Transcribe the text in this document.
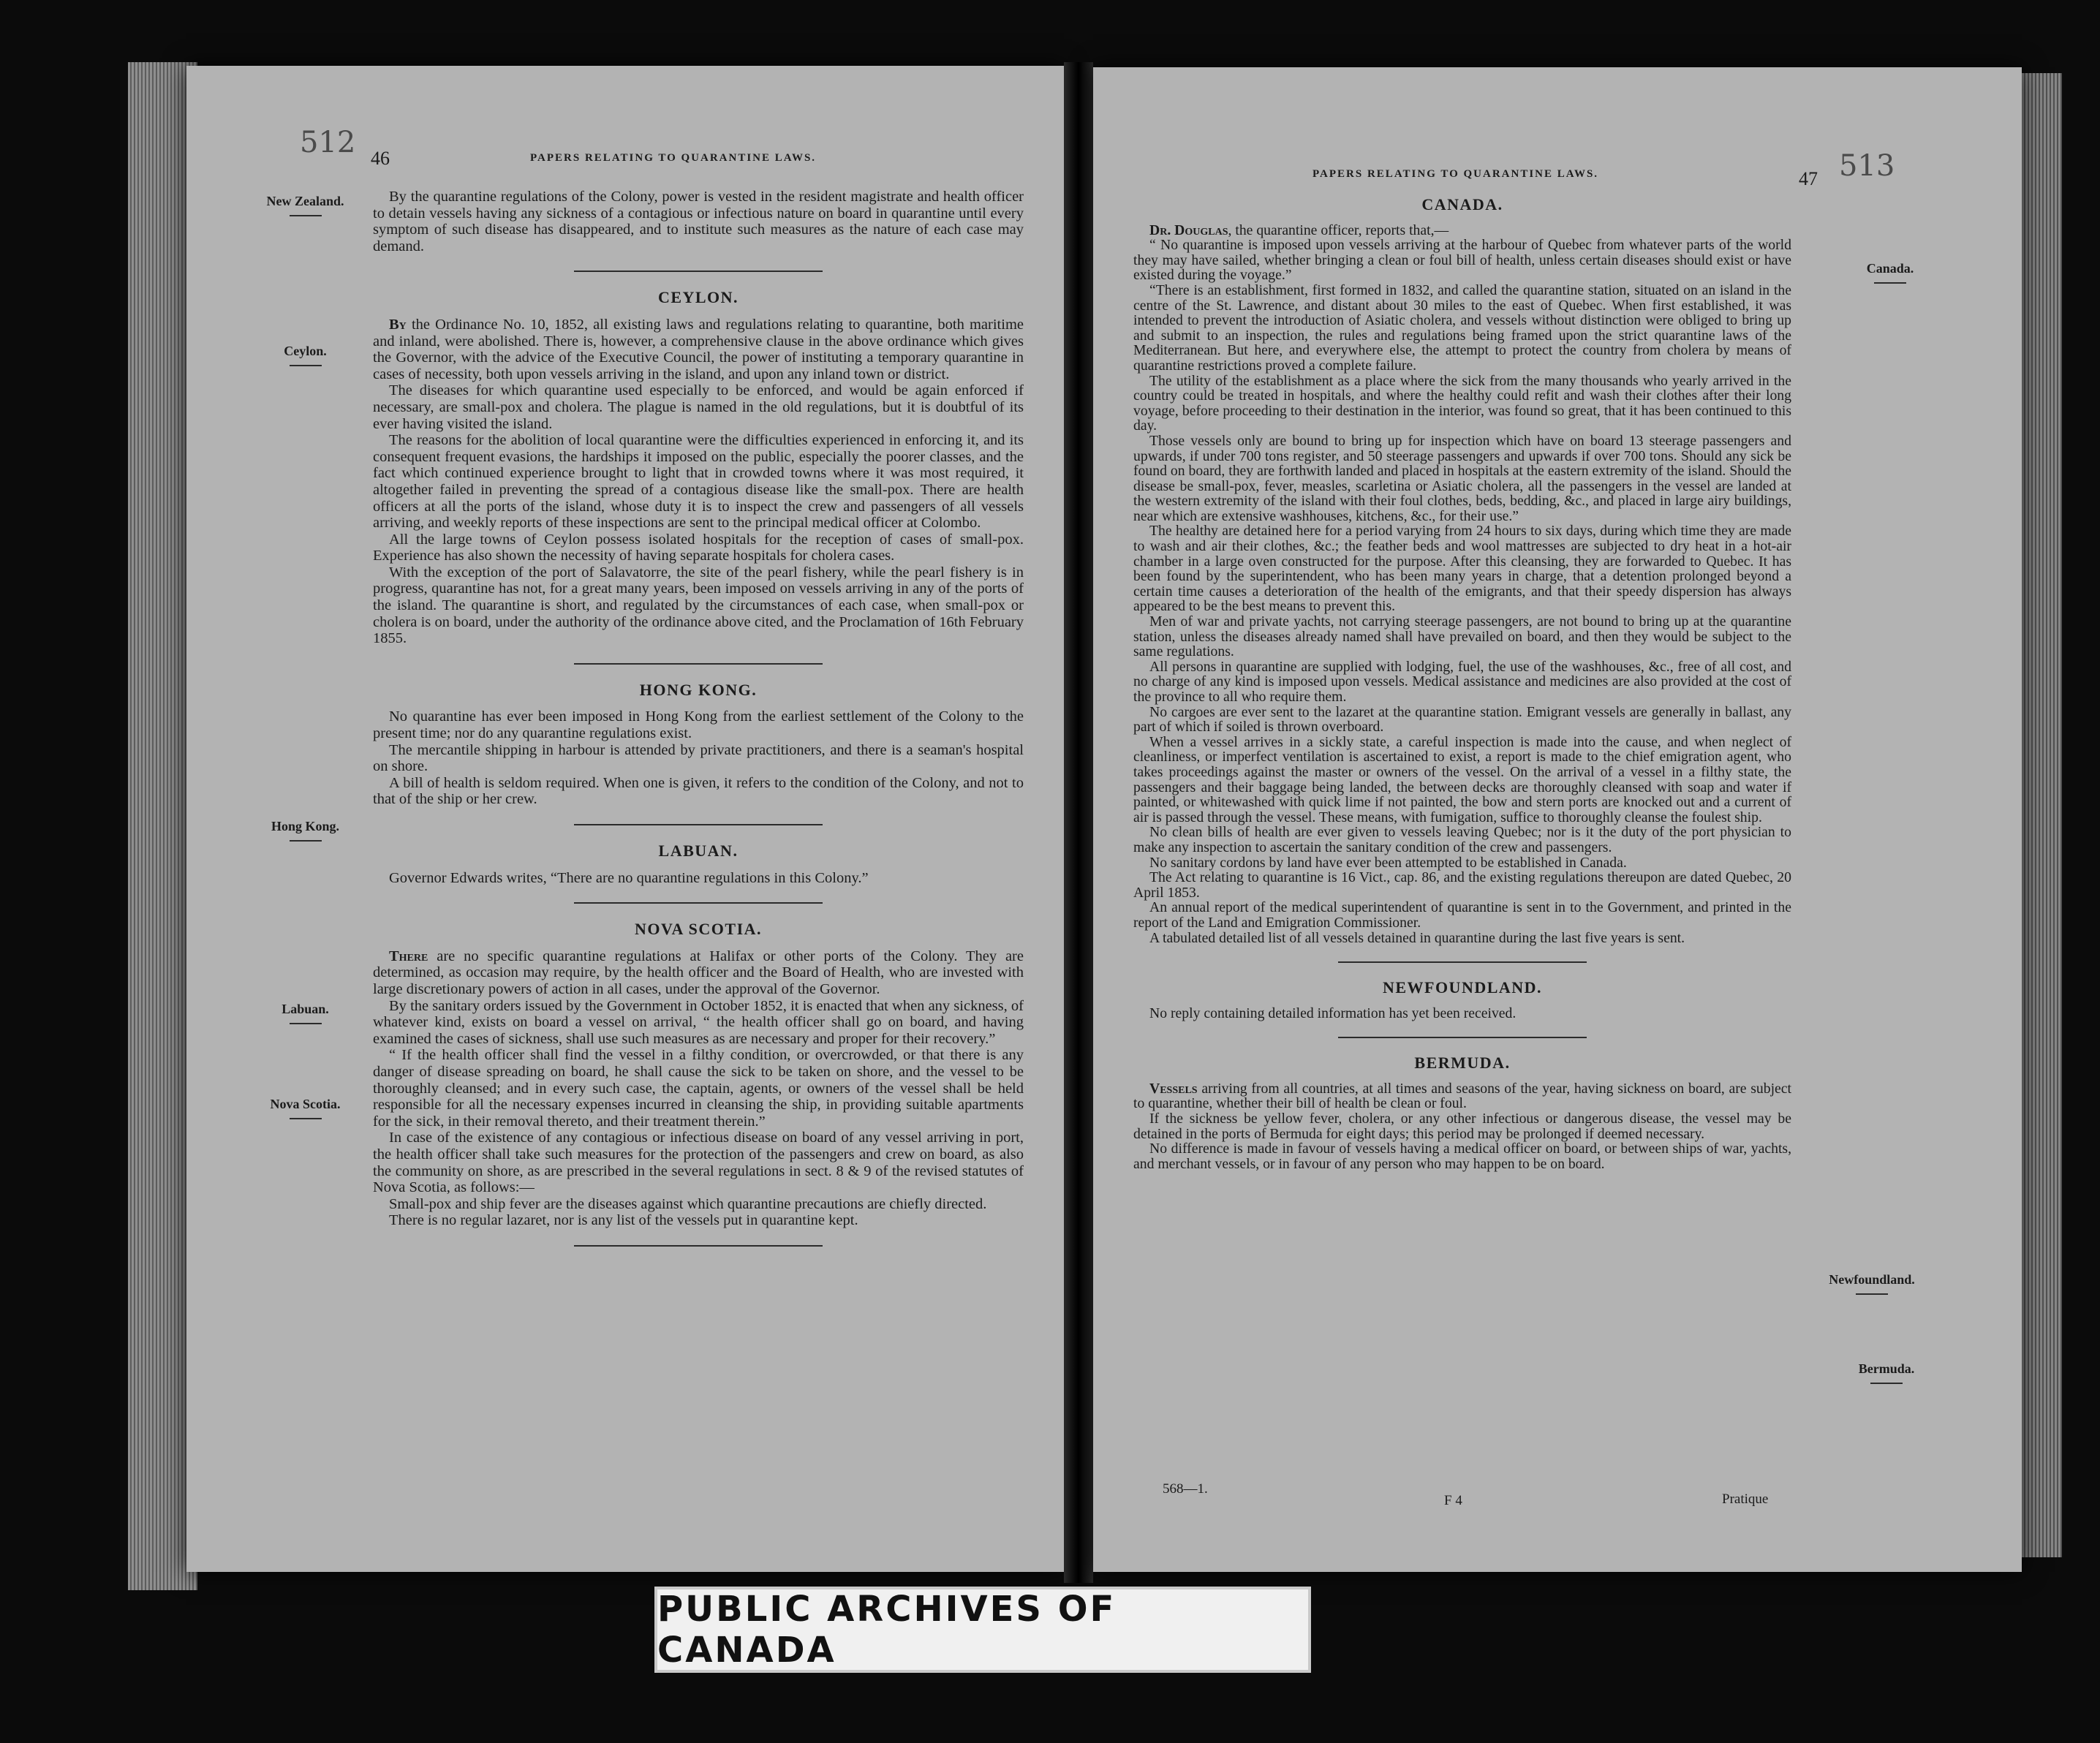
512 46	PAPERS RELATING TO QUARANTINE LAWS.
New Zealand.
Ceylon.
Hong Kong.
Labuan.
Nova Scotia.

By the quarantine regulations of the Colony, power is vested in the resident magistrate and health officer to detain vessels having any sickness of a contagious or infectious nature on board in quarantine until every symptom of such disease has disappeared, and to institute such measures as the nature of each case may demand.

CEYLON.

By the Ordinance No. 10, 1852, all existing laws and regulations relating to quarantine, both maritime and inland, were abolished. There is, however, a comprehensive clause in the above ordinance which gives the Governor, with the advice of the Executive Council, the power of instituting a temporary quarantine in cases of necessity, both upon vessels arriving in the island, and upon any inland town or district.

The diseases for which quarantine used especially to be enforced, and would be again enforced if necessary, are small-pox and cholera. The plague is named in the old regulations, but it is doubtful of its ever having visited the island.

The reasons for the abolition of local quarantine were the difficulties experienced in enforcing it, and its consequent frequent evasions, the hardships it imposed on the public, especially the poorer classes, and the fact which continued experience brought to light that in crowded towns where it was most required, it altogether failed in preventing the spread of a contagious disease like the small-pox. There are health officers at all the ports of the island, whose duty it is to inspect the crew and passengers of all vessels arriving, and weekly reports of these inspections are sent to the principal medical officer at Colombo.

All the large towns of Ceylon possess isolated hospitals for the reception of cases of small-pox. Experience has also shown the necessity of having separate hospitals for cholera cases.

With the exception of the port of Salavatorre, the site of the pearl fishery, while the pearl fishery is in progress, quarantine has not, for a great many years, been imposed on vessels arriving in any of the ports of the island. The quarantine is short, and regulated by the circumstances of each case, when small-pox or cholera is on board, under the authority of the ordinance above cited, and the Proclamation of 16th February 1855.

HONG KONG.

No quarantine has ever been imposed in Hong Kong from the earliest settlement of the Colony to the present time; nor do any quarantine regulations exist.

The mercantile shipping in harbour is attended by private practitioners, and there is a seaman's hospital on shore.

A bill of health is seldom required. When one is given, it refers to the condition of the Colony, and not to that of the ship or her crew.

LABUAN.

Governor Edwards writes, “There are no quarantine regulations in this Colony.”

NOVA SCOTIA.

There are no specific quarantine regulations at Halifax or other ports of the Colony. They are determined, as occasion may require, by the health officer and the Board of Health, who are invested with large discretionary powers of action in all cases, under the approval of the Governor.

By the sanitary orders issued by the Government in October 1852, it is enacted that when any sickness, of whatever kind, exists on board a vessel on arrival, “ the health officer shall go on board, and having examined the cases of sickness, shall use such measures as are necessary and proper for their recovery.”

“ If the health officer shall find the vessel in a filthy condition, or overcrowded, or that there is any danger of disease spreading on board, he shall cause the sick to be taken on shore, and the vessel to be thoroughly cleansed; and in every such case, the captain, agents, or owners of the vessel shall be held responsible for all the necessary expenses incurred in cleansing the ship, in providing suitable apartments for the sick, in their removal thereto, and their treatment therein.”

In case of the existence of any contagious or infectious disease on board of any vessel arriving in port, the health officer shall take such measures for the protection of the passengers and crew on board, as also the community on shore, as are prescribed in the several regulations in sect. 8 & 9 of the revised statutes of Nova Scotia, as follows:—

Small-pox and ship fever are the diseases against which quarantine precautions are chiefly directed.

There is no regular lazaret, nor is any list of the vessels put in quarantine kept.

PAPERS RELATING TO QUARANTINE LAWS.	47 513
Canada.
Newfoundland.
Bermuda.
CANADA.

Dr. Douglas, the quarantine officer, reports that,—

“ No quarantine is imposed upon vessels arriving at the harbour of Quebec from whatever parts of the world they may have sailed, whether bringing a clean or foul bill of health, unless certain diseases should exist or have existed during the voyage.”

“There is an establishment, first formed in 1832, and called the quarantine station, situated on an island in the centre of the St. Lawrence, and distant about 30 miles to the east of Quebec. When first established, it was intended to prevent the introduction of Asiatic cholera, and vessels without distinction were obliged to bring up and submit to an inspection, the rules and regulations being framed upon the strict quarantine laws of the Mediterranean. But here, and everywhere else, the attempt to protect the country from cholera by means of quarantine restrictions proved a complete failure.

The utility of the establishment as a place where the sick from the many thousands who yearly arrived in the country could be treated in hospitals, and where the healthy could refit and wash their clothes after their long voyage, before proceeding to their destination in the interior, was found so great, that it has been continued to this day.

Those vessels only are bound to bring up for inspection which have on board 13 steerage passengers and upwards, if under 700 tons register, and 50 steerage passengers and upwards if over 700 tons. Should any sick be found on board, they are forthwith landed and placed in hospitals at the eastern extremity of the island. Should the disease be small-pox, fever, measles, scarletina or Asiatic cholera, all the passengers in the vessel are landed at the western extremity of the island with their foul clothes, beds, bedding, &c., and placed in large airy buildings, near which are extensive washhouses, kitchens, &c., for their use.”

The healthy are detained here for a period varying from 24 hours to six days, during which time they are made to wash and air their clothes, &c.; the feather beds and wool mattresses are subjected to dry heat in a hot-air chamber in a large oven constructed for the purpose. After this cleansing, they are forwarded to Quebec. It has been found by the superintendent, who has been many years in charge, that a detention prolonged beyond a certain time causes a deterioration of the health of the emigrants, and that their speedy dispersion has always appeared to be the best means to prevent this.

Men of war and private yachts, not carrying steerage passengers, are not bound to bring up at the quarantine station, unless the diseases already named shall have prevailed on board, and then they would be subject to the same regulations.

All persons in quarantine are supplied with lodging, fuel, the use of the washhouses, &c., free of all cost, and no charge of any kind is imposed upon vessels. Medical assistance and medicines are also provided at the cost of the province to all who require them.

No cargoes are ever sent to the lazaret at the quarantine station. Emigrant vessels are generally in ballast, any part of which if soiled is thrown overboard.

When a vessel arrives in a sickly state, a careful inspection is made into the cause, and when neglect of cleanliness, or imperfect ventilation is ascertained to exist, a report is made to the chief emigration agent, who takes proceedings against the master or owners of the vessel. On the arrival of a vessel in a filthy state, the passengers and their baggage being landed, the between decks are thoroughly cleansed with soap and water if painted, or whitewashed with quick lime if not painted, the bow and stern ports are knocked out and a current of air is passed through the vessel. These means, with fumigation, suffice to thoroughly cleanse the foulest ship.

No clean bills of health are ever given to vessels leaving Quebec; nor is it the duty of the port physician to make any inspection to ascertain the sanitary condition of the crew and passengers.

No sanitary cordons by land have ever been attempted to be established in Canada.

The Act relating to quarantine is 16 Vict., cap. 86, and the existing regulations thereupon are dated Quebec, 20 April 1853.

An annual report of the medical superintendent of quarantine is sent in to the Government, and printed in the report of the Land and Emigration Commissioner.

A tabulated detailed list of all vessels detained in quarantine during the last five years is sent.

NEWFOUNDLAND.

No reply containing detailed information has yet been received.

BERMUDA.

Vessels arriving from all countries, at all times and seasons of the year, having sickness on board, are subject to quarantine, whether their bill of health be clean or foul.

If the sickness be yellow fever, cholera, or any other infectious or dangerous disease, the vessel may be detained in the ports of Bermuda for eight days; this period may be prolonged if deemed necessary.

No difference is made in favour of vessels having a medical officer on board, or between ships of war, yachts, and merchant vessels, or in favour of any person who may happen to be on board.

568—1.
F 4	Pratique
PUBLIC ARCHIVES OF CANADA
